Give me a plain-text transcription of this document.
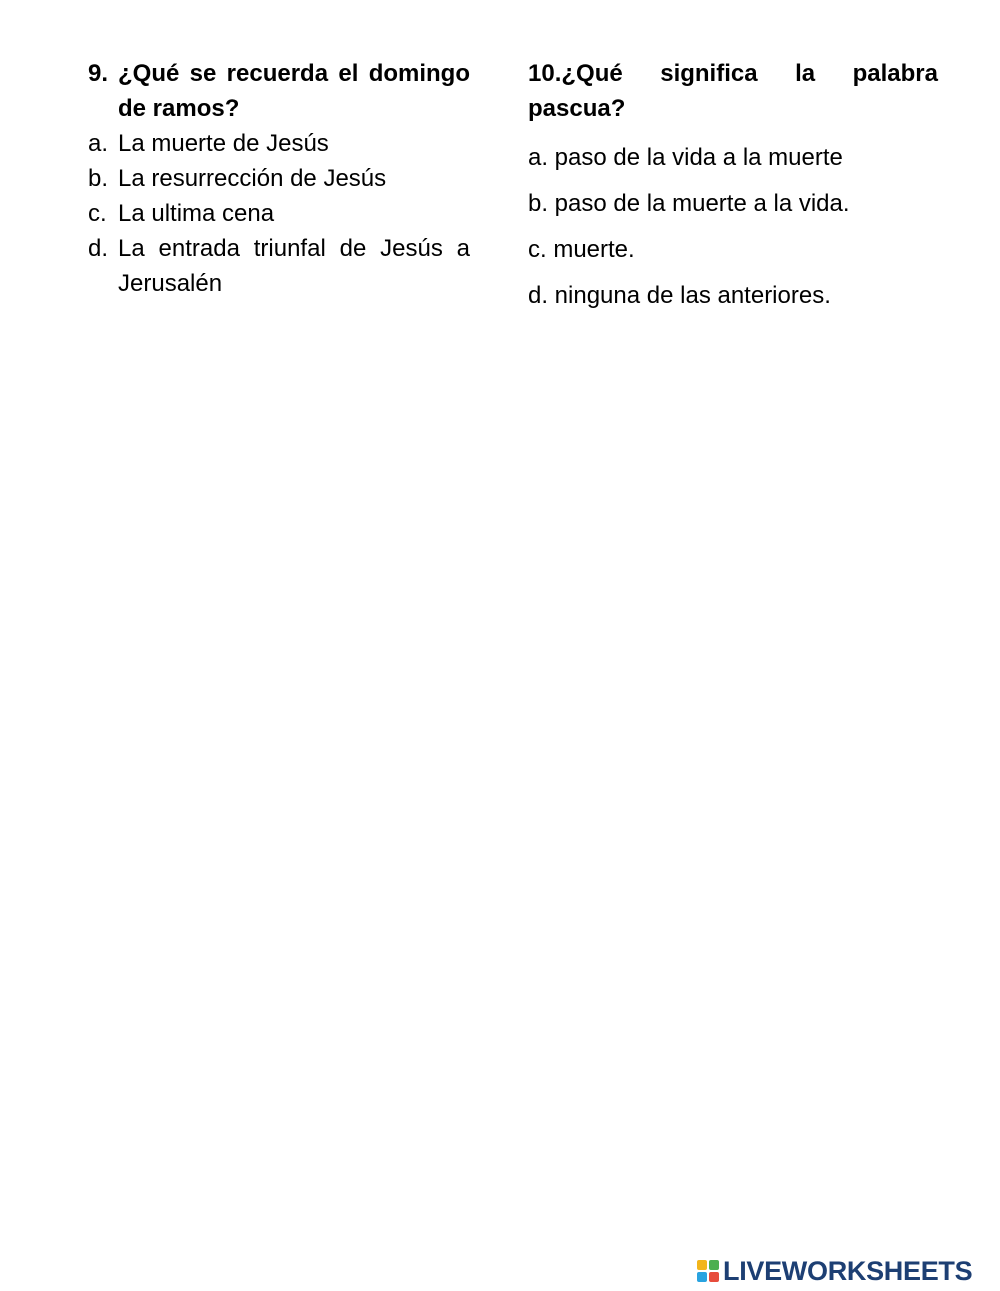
9. ¿Qué se recuerda el domingo de ramos?

a. La muerte de Jesús

b. La resurrección de Jesús

c. La ultima cena

d. La entrada triunfal de Jesús a Jerusalén

10.¿Qué significa la palabra pascua?

a. paso de la vida a la muerte

b. paso de la muerte a la vida.

c. muerte.

d. ninguna de las anteriores.

LIVEWORKSHEETS
